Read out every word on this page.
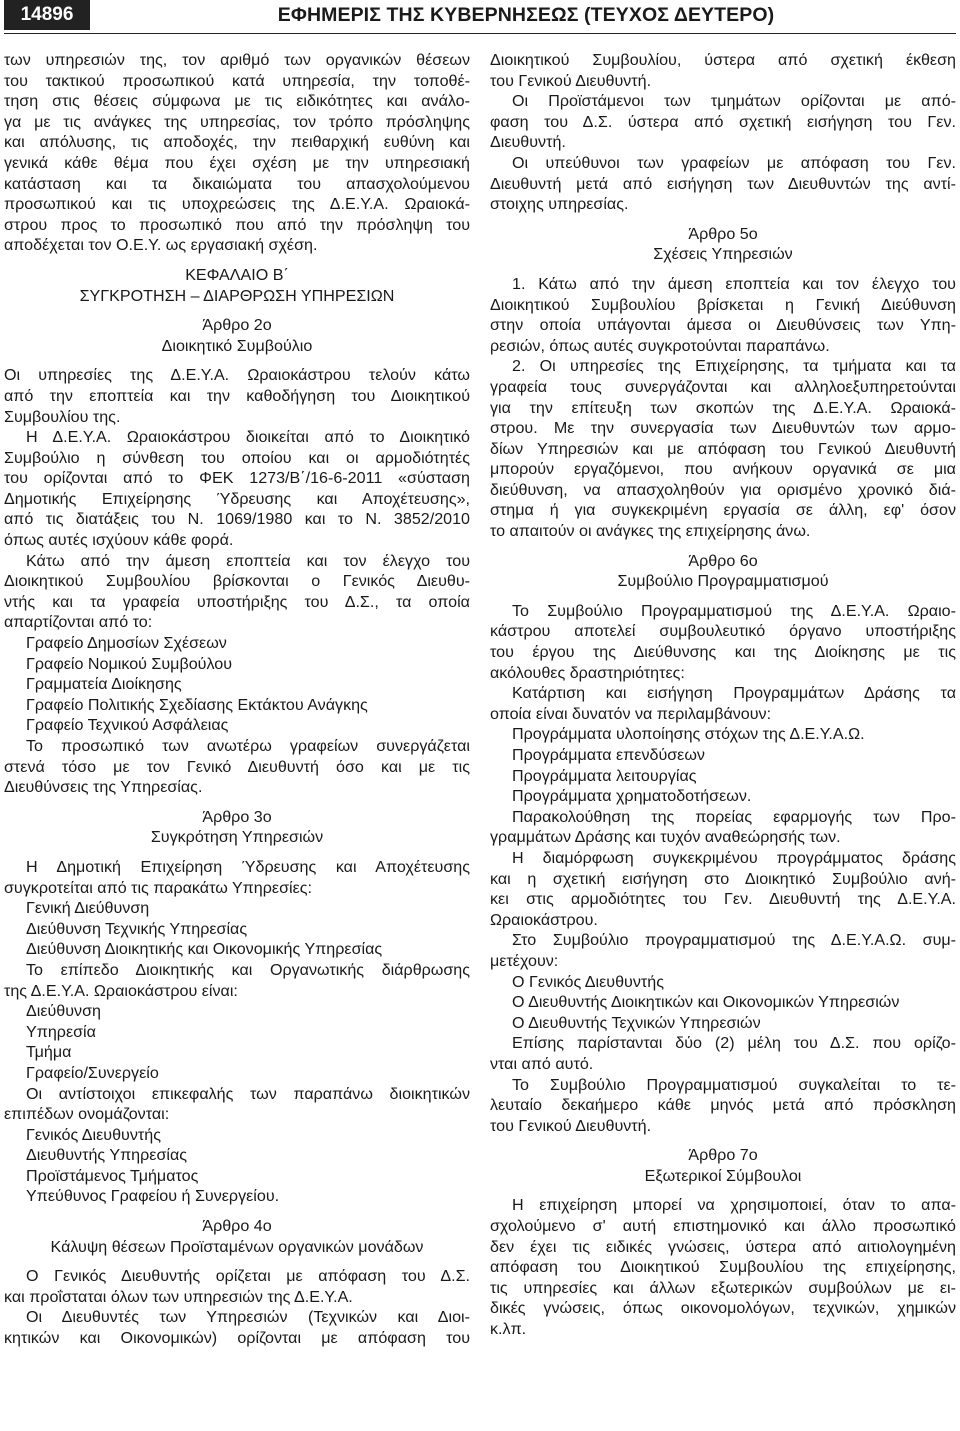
14896	ΕΦΗΜΕΡΙΣ ΤΗΣ ΚΥΒΕΡΝΗΣΕΩΣ (ΤΕΥΧΟΣ ΔΕΥΤΕΡΟ)
των υπηρεσιών της, τον αριθμό των οργανικών θέσεων
του τακτικού προσωπικού κατά υπηρεσία, την τοποθέ‐
τηση στις θέσεις σύμφωνα με τις ειδικότητες και ανάλο‐
γα με τις ανάγκες της υπηρεσίας, τον τρόπο πρόσληψης
και απόλυσης, τις αποδοχές, την πειθαρχική ευθύνη και
γενικά κάθε θέμα που έχει σχέση με την υπηρεσιακή
κατάσταση και τα δικαιώματα του απασχολούμενου
προσωπικού και τις υποχρεώσεις της Δ.Ε.Υ.Α. Ωραιοκά‐
στρου προς το προσωπικό που από την πρόσληψη του
αποδέχεται τον Ο.Ε.Υ. ως εργασιακή σχέση.
ΚΕΦΑΛΑΙΟ Β΄
ΣΥΓΚΡΟΤΗΣΗ – ΔΙΑΡΘΡΩΣΗ ΥΠΗΡΕΣΙΩΝ
Άρθρο 2ο
Διοικητικό Συμβούλιο
Οι υπηρεσίες της Δ.Ε.Υ.Α. Ωραιοκάστρου τελούν κάτω
από την εποπτεία και την καθοδήγηση του Διοικητικού
Συμβουλίου της.
Η Δ.Ε.Υ.Α. Ωραιοκάστρου διοικείται από το Διοικητικό
Συμβούλιο η σύνθεση του οποίου και οι αρμοδιότητές
του ορίζονται από το ΦΕΚ 1273/Β΄/16‐6‐2011 «σύσταση
Δημοτικής Επιχείρησης Ύδρευσης και Αποχέτευσης»,
από τις διατάξεις του Ν. 1069/1980 και το Ν. 3852/2010
όπως αυτές ισχύουν κάθε φορά.
Κάτω από την άμεση εποπτεία και τον έλεγχο του
Διοικητικού Συμβουλίου βρίσκονται ο Γενικός Διευθυ‐
ντής και τα γραφεία υποστήριξης του Δ.Σ., τα οποία
απαρτίζονται από το:
Γραφείο Δημοσίων Σχέσεων
Γραφείο Νομικού Συμβούλου
Γραμματεία Διοίκησης
Γραφείο Πολιτικής Σχεδίασης Εκτάκτου Ανάγκης
Γραφείο Τεχνικού Ασφάλειας
Το προσωπικό των ανωτέρω γραφείων συνεργάζεται
στενά τόσο με τον Γενικό Διευθυντή όσο και με τις
Διευθύνσεις της Υπηρεσίας.
Άρθρο 3ο
Συγκρότηση Υπηρεσιών
Η Δημοτική Επιχείρηση Ύδρευσης και Αποχέτευσης
συγκροτείται από τις παρακάτω Υπηρεσίες:
Γενική Διεύθυνση
Διεύθυνση Τεχνικής Υπηρεσίας
Διεύθυνση Διοικητικής και Οικονομικής Υπηρεσίας
Το επίπεδο Διοικητικής και Οργανωτικής διάρθρωσης
της Δ.Ε.Υ.Α. Ωραιοκάστρου είναι:
Διεύθυνση
Υπηρεσία
Τμήμα
Γραφείο/Συνεργείο
Οι αντίστοιχοι επικεφαλής των παραπάνω διοικητικών
επιπέδων ονομάζονται:
Γενικός Διευθυντής
Διευθυντής Υπηρεσίας
Προϊστάμενος Τμήματος
Υπεύθυνος Γραφείου ή Συνεργείου.
Άρθρο 4ο
Κάλυψη θέσεων Προϊσταμένων οργανικών μονάδων
Ο Γενικός Διευθυντής ορίζεται με απόφαση του Δ.Σ.
και προΐσταται όλων των υπηρεσιών της Δ.Ε.Υ.Α.
Οι Διευθυντές των Υπηρεσιών (Τεχνικών και Διοι‐
κητικών και Οικονομικών) ορίζονται με απόφαση του
Διοικητικού Συμβουλίου, ύστερα από σχετική έκθεση
του Γενικού Διευθυντή.
Οι Προϊστάμενοι των τμημάτων ορίζονται με από‐
φαση του Δ.Σ. ύστερα από σχετική εισήγηση του Γεν.
Διευθυντή.
Οι υπεύθυνοι των γραφείων με απόφαση του Γεν.
Διευθυντή μετά από εισήγηση των Διευθυντών της αντί‐
στοιχης υπηρεσίας.
Άρθρο 5ο
Σχέσεις Υπηρεσιών
1. Κάτω από την άμεση εποπτεία και τον έλεγχο του
Διοικητικού Συμβουλίου βρίσκεται η Γενική Διεύθυνση
στην οποία υπάγονται άμεσα οι Διευθύνσεις των Υπη‐
ρεσιών, όπως αυτές συγκροτούνται παραπάνω.
2. Οι υπηρεσίες της Επιχείρησης, τα τμήματα και τα
γραφεία τους συνεργάζονται και αλληλοεξυπηρετούνται
για την επίτευξη των σκοπών της Δ.Ε.Υ.Α. Ωραιοκά‐
στρου. Με την συνεργασία των Διευθυντών των αρμο‐
δίων Υπηρεσιών και με απόφαση του Γενικού Διευθυντή
μπορούν εργαζόμενοι, που ανήκουν οργανικά σε μια
διεύθυνση, να απασχοληθούν για ορισμένο χρονικό διά‐
στημα ή για συγκεκριμένη εργασία σε άλλη, εφ' όσον
το απαιτούν οι ανάγκες της επιχείρησης άνω.
Άρθρο 6ο
Συμβούλιο Προγραμματισμού
Το Συμβούλιο Προγραμματισμού της Δ.Ε.Υ.Α. Ωραιο‐
κάστρου αποτελεί συμβουλευτικό όργανο υποστήριξης
του έργου της Διεύθυνσης και της Διοίκησης με τις
ακόλουθες δραστηριότητες:
Κατάρτιση και εισήγηση Προγραμμάτων Δράσης τα
οποία είναι δυνατόν να περιλαμβάνουν:
Προγράμματα υλοποίησης στόχων της Δ.Ε.Υ.Α.Ω.
Προγράμματα επενδύσεων
Προγράμματα λειτουργίας
Προγράμματα χρηματοδοτήσεων.
Παρακολούθηση της πορείας εφαρμογής των Προ‐
γραμμάτων Δράσης και τυχόν αναθεώρησής των.
Η διαμόρφωση συγκεκριμένου προγράμματος δράσης
και η σχετική εισήγηση στο Διοικητικό Συμβούλιο ανή‐
κει στις αρμοδιότητες του Γεν. Διευθυντή της Δ.Ε.Υ.Α.
Ωραιοκάστρου.
Στο Συμβούλιο προγραμματισμού της Δ.Ε.Υ.Α.Ω. συμ‐
μετέχουν:
Ο Γενικός Διευθυντής
Ο Διευθυντής Διοικητικών και Οικονομικών Υπηρεσιών
Ο Διευθυντής Τεχνικών Υπηρεσιών
Επίσης παρίστανται δύο (2) μέλη του Δ.Σ. που ορίζο‐
νται από αυτό.
Το Συμβούλιο Προγραμματισμού συγκαλείται το τε‐
λευταίο δεκαήμερο κάθε μηνός μετά από πρόσκληση
του Γενικού Διευθυντή.
Άρθρο 7ο
Εξωτερικοί Σύμβουλοι
Η επιχείρηση μπορεί να χρησιμοποιεί, όταν το απα‐
σχολούμενο σ' αυτή επιστημονικό και άλλο προσωπικό
δεν έχει τις ειδικές γνώσεις, ύστερα από αιτιολογημένη
απόφαση του Διοικητικού Συμβουλίου της επιχείρησης,
τις υπηρεσίες και άλλων εξωτερικών συμβούλων με ει‐
δικές γνώσεις, όπως οικονομολόγων, τεχνικών, χημικών
κ.λπ.
